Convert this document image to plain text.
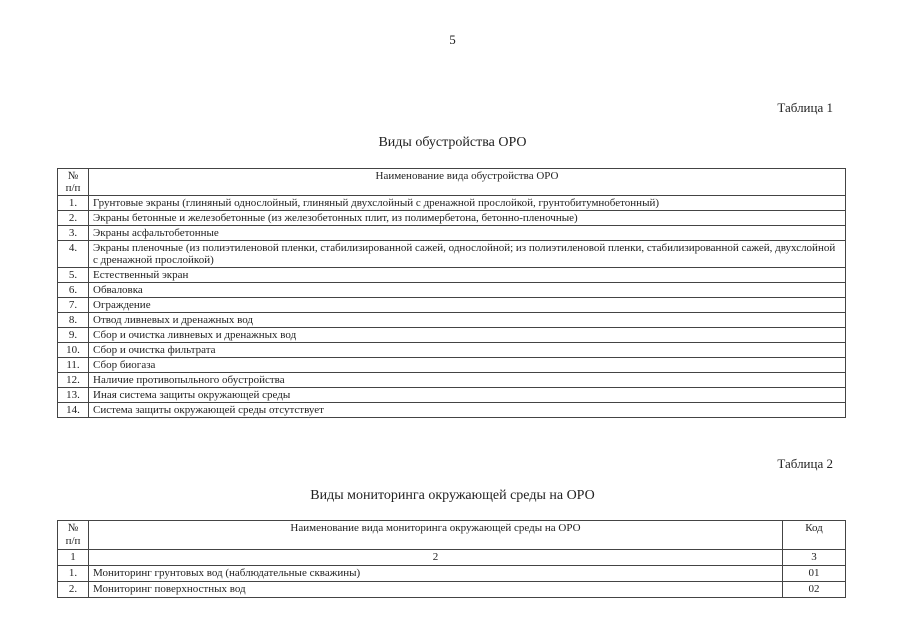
5
Таблица 1
Виды обустройства ОРО
№
п/п	Наименование вида обустройства ОРО
1.	Грунтовые экраны (глиняный однослойный, глиняный двухслойный с дренажной прослойкой, грунтобитумнобетонный)
2.	Экраны бетонные и железобетонные (из железобетонных плит, из полимербетона, бетонно-пленочные)
3.	Экраны асфальтобетонные
4.	Экраны пленочные (из полиэтиленовой пленки, стабилизированной сажей, однослойной; из полиэтиленовой пленки, стабилизированной сажей, двухслойной с дренажной прослойкой)
5.	Естественный экран
6.	Обваловка
7.	Ограждение
8.	Отвод ливневых и дренажных вод
9.	Сбор и очистка ливневых и дренажных вод
10.	Сбор и очистка фильтрата
11.	Сбор биогаза
12.	Наличие противопыльного обустройства
13.	Иная система защиты окружающей среды
14.	Система защиты окружающей среды отсутствует
Таблица 2
Виды мониторинга окружающей среды на ОРО
№
п/п	Наименование вида мониторинга окружающей среды на ОРО	Код
1	2	3
1.	Мониторинг грунтовых вод (наблюдательные скважины)	01
2.	Мониторинг поверхностных вод	02
